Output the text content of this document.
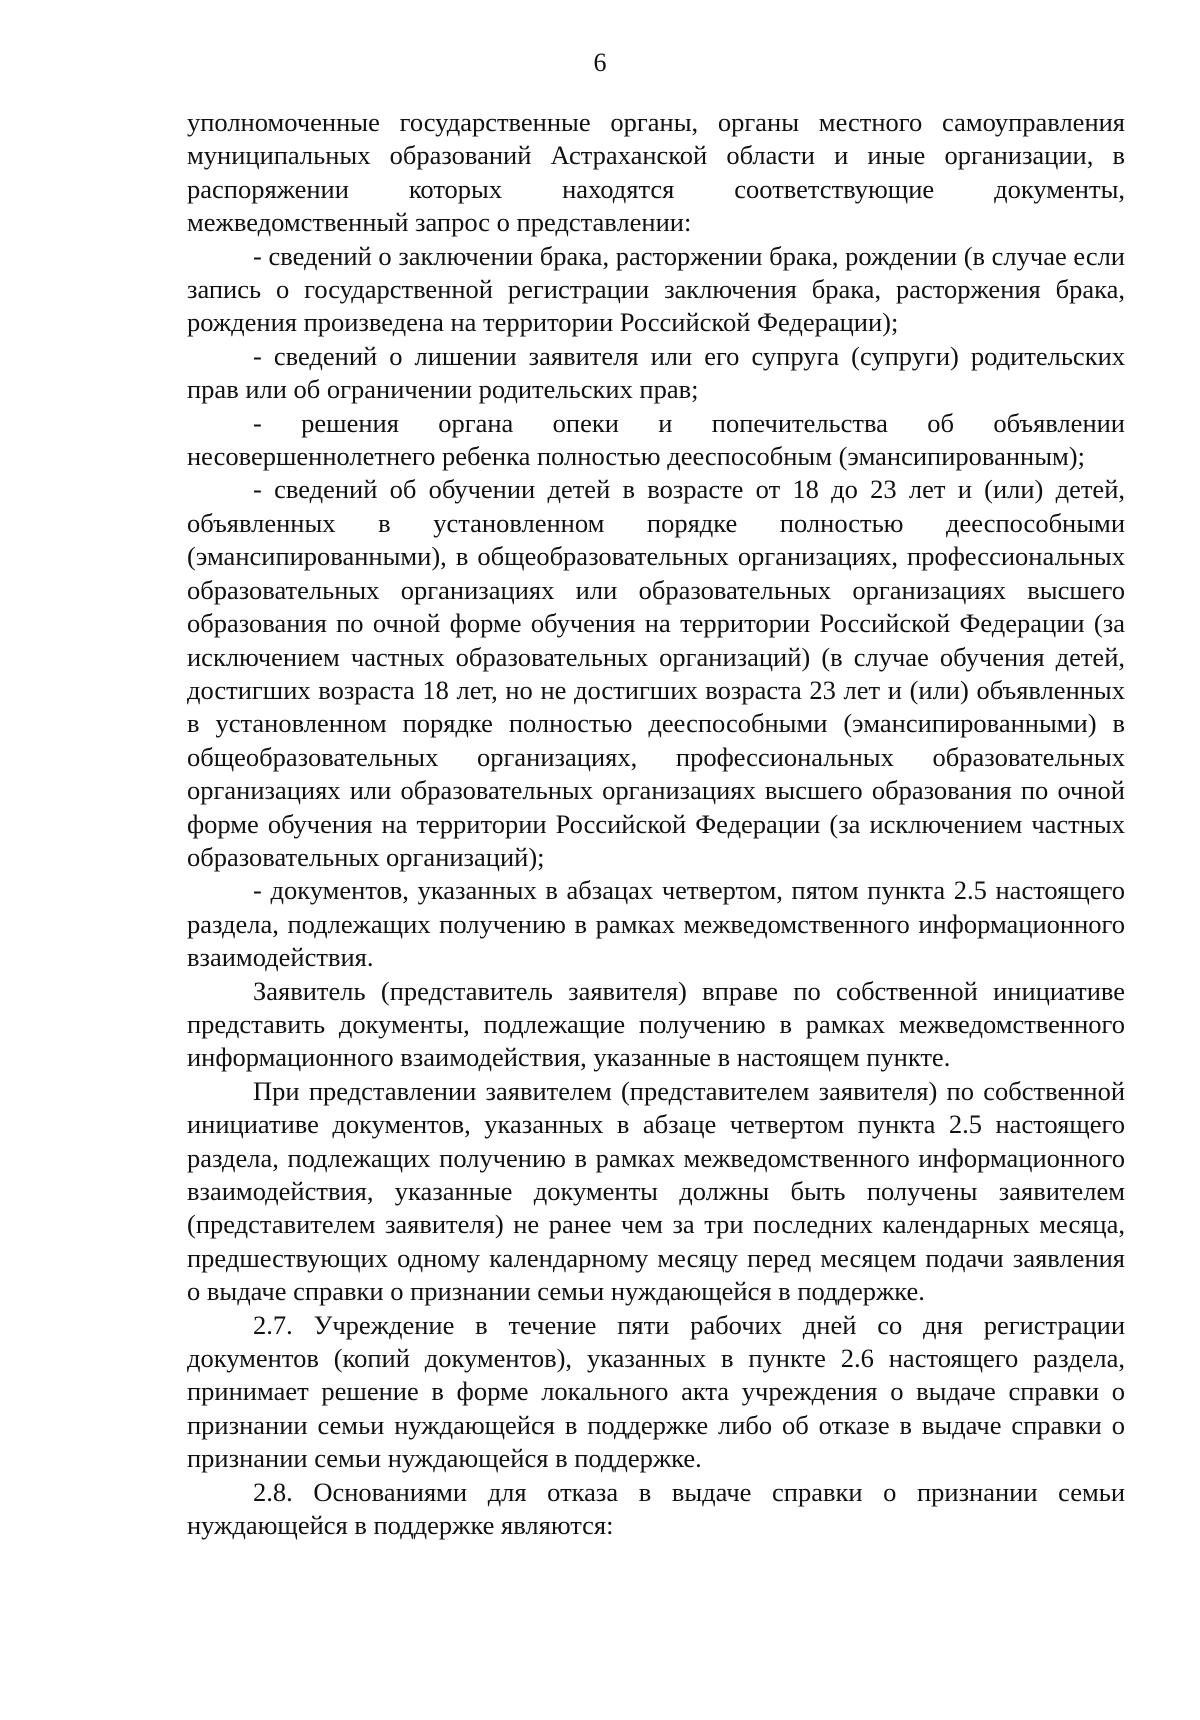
6

уполномоченные государственные органы, органы местного самоуправления муниципальных образований Астраханской области и иные организации, в распоряжении которых находятся соответствующие документы, межведомственный запрос о представлении:

- сведений о заключении брака, расторжении брака, рождении (в случае если запись о государственной регистрации заключения брака, расторжения брака, рождения произведена на территории Российской Федерации);

- сведений о лишении заявителя или его супруга (супруги) родительских прав или об ограничении родительских прав;

- решения органа опеки и попечительства об объявлении несовершеннолетнего ребенка полностью дееспособным (эмансипированным);

- сведений об обучении детей в возрасте от 18 до 23 лет и (или) детей, объявленных в установленном порядке полностью дееспособными (эмансипированными), в общеобразовательных организациях, профессиональных образовательных организациях или образовательных организациях высшего образования по очной форме обучения на территории Российской Федерации (за исключением частных образовательных организаций) (в случае обучения детей, достигших возраста 18 лет, но не достигших возраста 23 лет и (или) объявленных в установленном порядке полностью дееспособными (эмансипированными) в общеобразовательных организациях, профессиональных образовательных организациях или образовательных организациях высшего образования по очной форме обучения на территории Российской Федерации (за исключением частных образовательных организаций);

- документов, указанных в абзацах четвертом, пятом пункта 2.5 настоящего раздела, подлежащих получению в рамках межведомственного информационного взаимодействия.

Заявитель (представитель заявителя) вправе по собственной инициативе представить документы, подлежащие получению в рамках межведомственного информационного взаимодействия, указанные в настоящем пункте.

При представлении заявителем (представителем заявителя) по собственной инициативе документов, указанных в абзаце четвертом пункта 2.5 настоящего раздела, подлежащих получению в рамках межведомственного информационного взаимодействия, указанные документы должны быть получены заявителем (представителем заявителя) не ранее чем за три последних календарных месяца, предшествующих одному календарному месяцу перед месяцем подачи заявления о выдаче справки о признании семьи нуждающейся в поддержке.

2.7. Учреждение в течение пяти рабочих дней со дня регистрации документов (копий документов), указанных в пункте 2.6 настоящего раздела, принимает решение в форме локального акта учреждения о выдаче справки о признании семьи нуждающейся в поддержке либо об отказе в выдаче справки о признании семьи нуждающейся в поддержке.

2.8. Основаниями для отказа в выдаче справки о признании семьи нуждающейся в поддержке являются:
